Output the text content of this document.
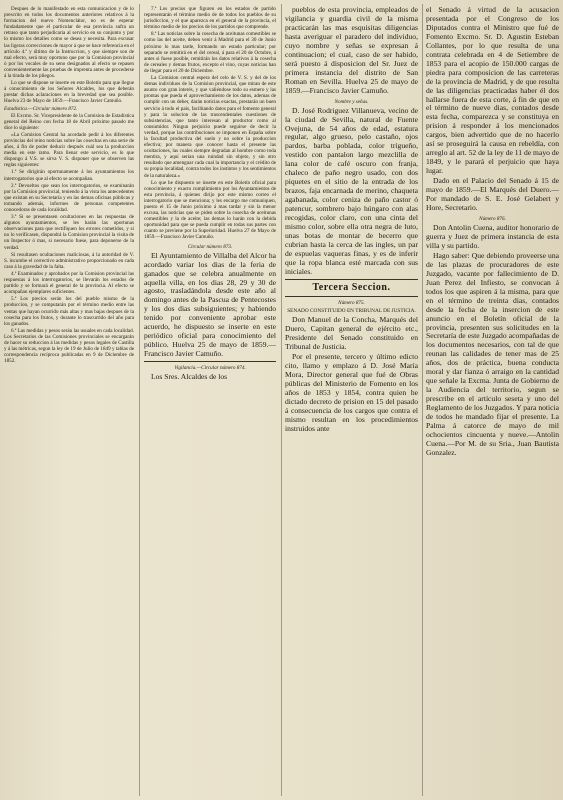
Despues de lo manifestado en esta comunicacion y de lo prescrito en todos los documentos anteriores relativos á la formacion del nuevo Nomenclátor, no es de esperar fundadamente que el particular de esa provincia sufra un retraso que tanto perjudicaria al servicio en su conjunto y por lo mismo los detalles como se desea y necesita. Para excusar las ligeras correcciones de mayor á que se hace referencia en el artículo 4.º y último de la Instruccion, y que siempre son de mal efecto, será muy oportuno que por la Comision provincial ó por los vocales de su seno designados al efecto se repasen convenientemente las pruebas de imprenta antes de procederse á la tirada de los pliegos.

Lo que se dispone se inserte en este Boletín para que llegue á conocimiento de los Señores Alcaldes, los que deberán prestar dichas aclaraciones en la brevedad que sea posible. Huelva 23 de Mayo de 1859.—Francisco Javier Camuño.

Estadística.—Circular número 872.

El Excmo. Sr. Vicepresidente de la Comision de Estadística general del Reino con fecha 18 de Abril próximo pasado me dice lo siguiente:

«La Comision Central ha acordado pedir á los diferentes provincias del reino noticias sobre las cosechas en una serie de años, á fin de poder deducir después cuál sea la produccion media en este ramo. Para llenar este servicio, es lo que dispongo á V.S. se sirva V. S. disponer que se observen las reglas siguientes:

1.ª Se dirigirán oportunamente á los ayuntamientos los interrogatorios que al efecto se acompañan.

2.ª Devueltos que sean los interrogatorios, se examinarán por la Comision provincial, teniendo á la vista los antecedentes que existan en su Secretaría y en las demas oficinas públicas y tomando además, informes de personas competentes conocedoras de cada localidad.

3.ª Si se presentasen ocultaciones en las respuestas de algunos ayuntamientos, se les harán las oportunas observaciones para que rectifiquen los errores cometidos, y si no lo verificasen, dispondrá la Comision provincial la visita de un Inspector ó mas, si necesario fuese, para deponerse de la verdad.

Si resultasen ocultaciones maliciosas, á la autoridad de V. S. incumbe el correctivo administrativo proporcionado en cada caso á la gravedad de la falta.

4.ª Examinados y aprobados por la Comision provincial las respuestas á los interrogatorios, se llevarán los estados de partido y se formará el general de la provincia. Al efecto se acompañan ejemplares suficientes.

5.ª Los precios serán los del pueblo mismo de la produccion, y se computarán por el término medio entre las ventas que hayan ocurrido más altas y mas bajas despues de la cosecha para los frutos, y durante lo trascurrido del año para los ganados.

6.ª Las medidas y pesos serán las usuales en cada localidad. Los Secretarios de las Comisiones provinciales se encargarán de hacer su reduccion á las medidas y pesos legales de Castilla y á las métricas, segun la ley de 19 de Julio de 1849 y tablas de correspondencia recíproca publicadas en 9 de Diciembre de 1852.

7.ª Los precios que figuren en los estados de partido representarán el término medio de de todos los pueblos de su jurisdiccion, y el que aparezca en el general de la provincia, el término medio de los precios de los partidos que comprende.

8.ª Las noticias sobre la cosecha de aceitunas comestibles se como las del aceite, deben venir á Madrid para el 30 de Junio próximo lo mas tarde, formando un estado particular; por separado se remitirá en el del cereal, á para el 20 de Octubre, á antes si fuese posible, remitirán los datos relativos á la cosecha de cereales y demas frutos, excepto el vino, cuyas noticias han de llegar para el 20 de Diciembre.

La Comision central espera del celo de V. S. y del de los demas individuos de la Comision provincial, que miran de este asunto con gran interés, y que valiéndose todo su esmero y las prontas que pueda el aprovechamiento de los datos, ademas de cumplir con un deber, darán noticias exactas, prestarán un buen servicio á todo el país, facilitando datos para el fomento general y para la solucion de las trascendentales cuestiones de subsistencias, que tanto interesan al productor como al consumidor. Ningun perjuicio puede seguirse de decir la verdad, porque las contribuciones se imponen en España sobre la facultad productiva del suelo y no sobre la produccion efectiva; por manera que conocer hasta el presente las ocultaciones, las cuales siempre degradan al hombre como toda mentira, y aquí serian una ruindad sin objeto, y sin otro resultado que amenguar cada cual la importancia y el crédito de su propia localidad, contra todos los instintos y los sentimientos de la naturaleza.»

Lo que he dispuesto se inserte en este Boletín oficial para conocimiento y exacto cumplimiento por los Ayuntamientos de esta provincia, á quienes dirijo por este mismo correo el interrogatorio que se menciona; y les encargo me comuniquen, puesto el 15 de Junio próximo á mas tardar y sin la menor excusa, las noticias que se piden sobre la cosecha de aceitunas comestibles y la de aceite; las demas lo harán con la debida oportunidad para que se pueda cumplir en todas sus partes con cuanto se previene por la Superioridad. Huelva 27 de Mayo de 1859.—Francisco Javier Camuño.

Circular número 873.

El Ayuntamiento de Villalba del Alcor ha acordado variar los dias de la feria de ganados que se celebra anualmente en aquella villa, en los dias 28, 29 y 30 de agosto, trasladándola desde este año al domingo antes de la Pascua de Pentecostes y los dos dias subsiguientes; y habiendo tenido por conveniente aprobar este acuerdo, he dispuesto se inserte en este periódico oficial para conocimiento del público. Huelva 25 de mayo de 1859.—Francisco Javier Camuño.

Vigilancia.—Circular número 874.

Los Sres. Alcaldes de los

pueblos de esta provincia, empleados de vigilancia y guardia civil de la misma practicarán las mas esquisitas diligencias hasta averiguar el paradero del individuo, cuyo nombre y señas se expresan á continuacion; el cual, caso de ser habido, será puesto á disposicion del Sr. Juez de primera instancia del distrito de San Roman en Sevilla. Huelva 25 de mayo de 1859.—Francisco Javier Camuño.

Nombre y señas.

D. José Rodriguez Villanueva, vecino de la ciudad de Sevilla, natural de Fuente Ovejuna, de 54 años de edad, estatura regular, algo grueso, pelo castaño, ojos pardos, barba poblada, color trigueño, vestido con pantalon largo mezclilla de lana color de café oscuro con franja, chaleco de paño negro usado, con dos piquetes en el sitio de la entrada de los brazos, faja encarnada de merino, chaqueta agabanada, color ceniza de paño castor ó patencur, sombrero bajo húngaro con alas recogidas, color claro, con una cinta del mismo color, sobre ella otra negra de luto, unas botas de montar de becerro que cubrian hasta la cerca de las ingles, un par de espuelas vaqueras finas, y es de inferir que la ropa blanca esté marcada con sus iniciales.

Tercera Seccion.

Número 875.

SENADO CONSTITUIDO EN TRIBUNAL DE JUSTICIA.

Don Manuel de la Concha, Marqués del Duero, Capitan general de ejército etc., Presidente del Senado constituido en Tribunal de Justicia.

Por el presente, tercero y último edicto cito, llamo y emplazo á D. José María Mora, Director general que fué de Obras públicas del Ministerio de Fomento en los años de 1853 y 1854, contra quien he dictado decreto de prision en 15 del pasado á consecuencia de los cargos que contra el mismo resultan en los procedimientos instruidos ante

el Senado á virtud de la acusacion presentada por el Congreso de los Diputados contra el Ministro que fué de Fomento Excmo. Sr. D. Agustin Esteban Collantes, por lo que resulta de una contrata celebrada en 4 de Setiembre de 1853 para el acopio de 150.000 cargas de piedra para composicion de las carreteras de la provincia de Madrid, y de que resulta de las diligencias practicadas haber él dos hallarse fuera de esta corte, á fin de que en el término de nueve dias, contados desde esta fecha, comparezca y se constituya en prision á responder á los mencionados cargos, bien advertido que de no hacerlo así se proseguirá la causa en rebeldía, con arreglo al art. 52 de la ley de 11 de mayo de 1849, y le parará el perjuicio que haya lugar.

Dado en el Palacio del Senado á 15 de mayo de 1859.—El Marqués del Duero.—Por mandado de S. E. José Gelabert y Hore, Secretario.

Número 876.

Don Antolin Cuena, auditor honorario de guerra y Juez de primera instancia de esta villa y su partido.

Hago saber: Que debiendo proveerse una de las plazas de procuradores de este Juzgado, vacante por fallecimiento de D. Juan Perez del Infiesto, se convocan á todos los que aspiren á la misma, para que en el término de treinta dias, contados desde la fecha de la insercion de este anuncio en el Boletín oficial de la provincia, presenten sus solicitudes en la Secretaría de este Juzgado acompañadas de los documentos necesarios, con tal de que reunan las calidades de tener mas de 25 años, dos de práctica, buena conducta moral y dar fianza ó arraigo en la cantidad que señale la Excma. Junta de Gobierno de la Audiencia del territorio, segun se prescribe en el artículo seseta y uno del Reglamento de los Juzgados. Y para noticia de todos he mandado fijar el presente. La Palma á catorce de mayo de mil ochocientos cincuenta y nueve.—Antolin Cuena.—Por M. de su Sria., Juan Bautista Gonzalez.
